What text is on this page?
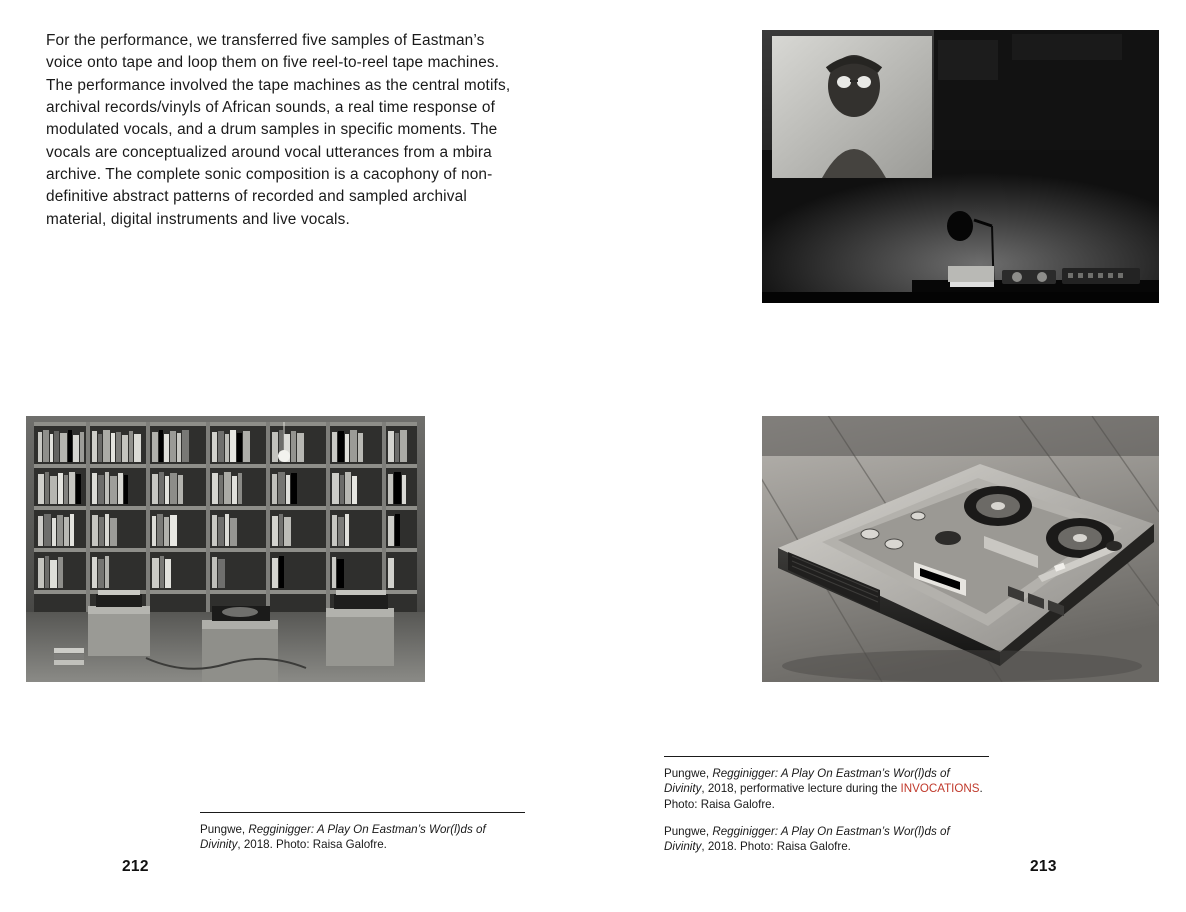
For the performance, we transferred five samples of Eastman’s voice onto tape and loop them on five reel-to-reel tape machines. The performance involved the tape machines as the central motifs, archival records/vinyls of African sounds, a real time response of modulated vocals, and a drum samples in specific moments. The vocals are conceptualized around vocal utterances from a mbira archive. The complete sonic composition is a cacophony of non-definitive abstract patterns of recorded and sampled archival material, digital instruments and live vocals.

Pungwe, Regginigger: A Play On Eastman’s Wor(l)ds of Divinity, 2018. Photo: Raisa Galofre.

Pungwe, Regginigger: A Play On Eastman’s Wor(l)ds of Divinity, 2018, performative lecture during the INVOCATIONS. Photo: Raisa Galofre.

Pungwe, Regginigger: A Play On Eastman’s Wor(l)ds of Divinity, 2018. Photo: Raisa Galofre.

212	213
